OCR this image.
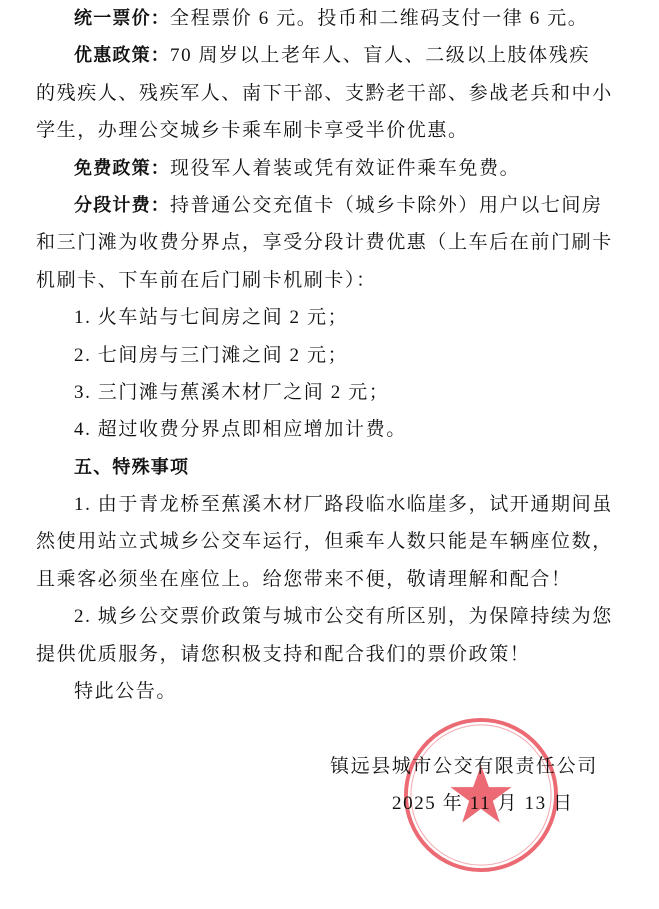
统一票价：全程票价 6 元。投币和二维码支付一律 6 元。
优惠政策：70 周岁以上老年人、盲人、二级以上肢体残疾
的残疾人、残疾军人、南下干部、支黔老干部、参战老兵和中小
学生，办理公交城乡卡乘车刷卡享受半价优惠。
免费政策：现役军人着装或凭有效证件乘车免费。
分段计费：持普通公交充值卡（城乡卡除外）用户以七间房
和三门滩为收费分界点，享受分段计费优惠（上车后在前门刷卡
机刷卡、下车前在后门刷卡机刷卡）：
1. 火车站与七间房之间 2 元；
2. 七间房与三门滩之间 2 元；
3. 三门滩与蕉溪木材厂之间 2 元；
4. 超过收费分界点即相应增加计费。
五、特殊事项
1. 由于青龙桥至蕉溪木材厂路段临水临崖多，试开通期间虽
然使用站立式城乡公交车运行，但乘车人数只能是车辆座位数，
且乘客必须坐在座位上。给您带来不便，敬请理解和配合！
2. 城乡公交票价政策与城市公交有所区别，为保障持续为您
提供优质服务，请您积极支持和配合我们的票价政策！
特此公告。
镇远县城市公交有限责任公司
2025 年 11 月 13 日
